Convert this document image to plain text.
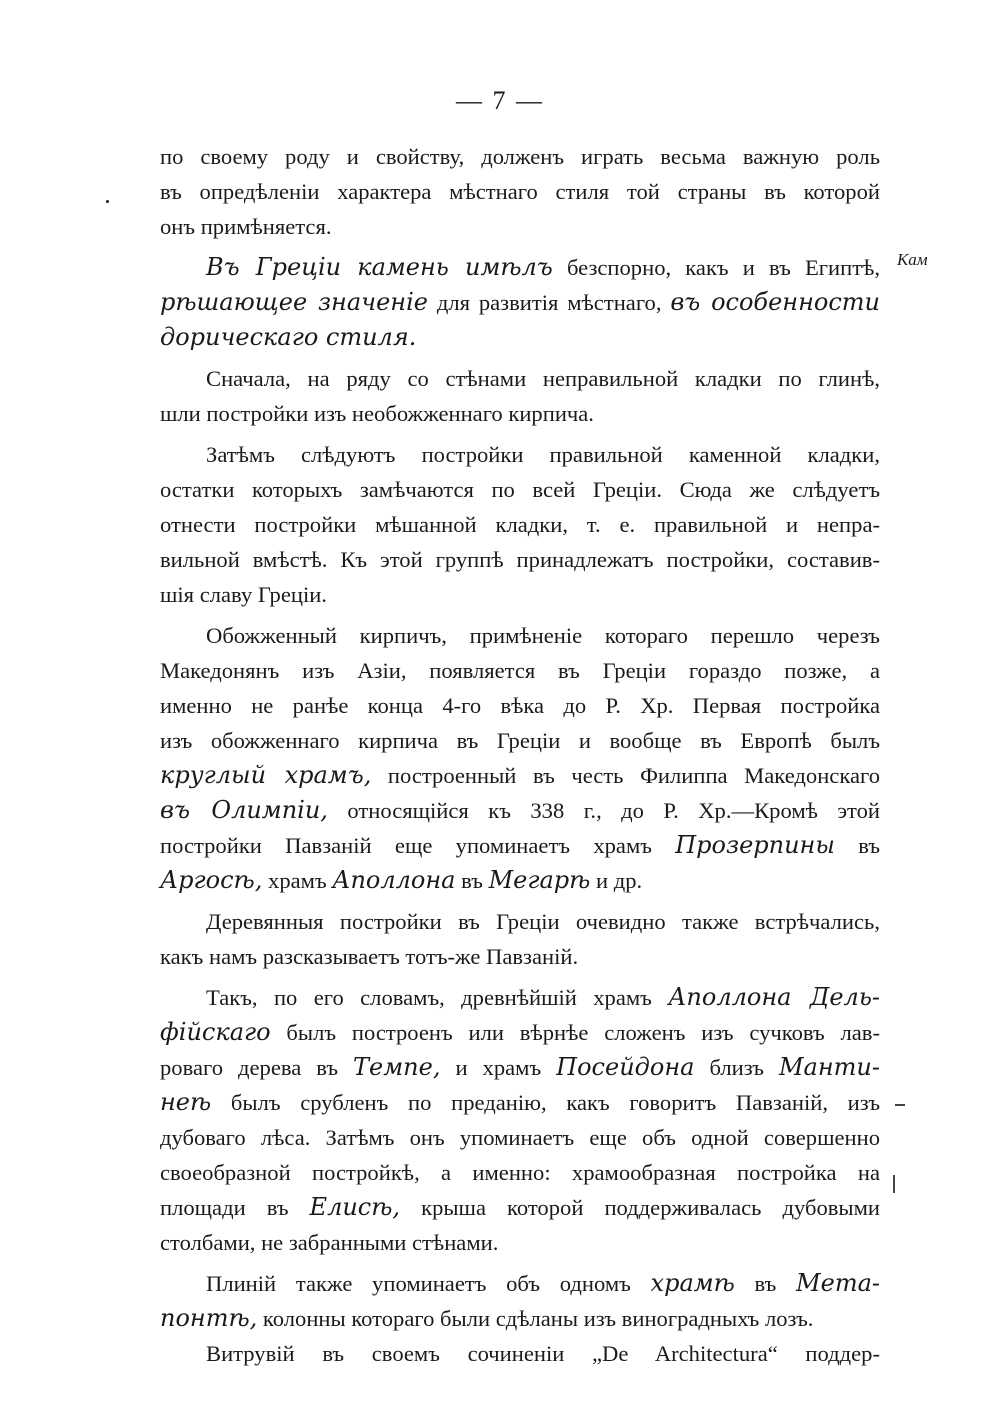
— 7 —
Кам

по своему роду и свойству, долженъ играть весьма важную роль

въ опредѣленіи характера мѣстнаго стиля той страны въ которой

онъ примѣняется.

Въ Греціи камень имѣлъ безспорно, какъ и въ Египтѣ,

рѣшающее значеніе для развитія мѣстнаго, въ особенности

дорическаго стиля.

Сначала, на ряду со стѣнами неправильной кладки по глинѣ,

шли постройки изъ необожженнаго кирпича.

Затѣмъ слѣдуютъ постройки правильной каменной кладки,

остатки которыхъ замѣчаются по всей Греціи. Сюда же слѣдуетъ

отнести постройки мѣшанной кладки, т. е. правильной и непра-

вильной вмѣстѣ. Къ этой группѣ принадлежатъ постройки, составив-

шія славу Греціи.

Обожженный кирпичъ, примѣненіе котораго перешло черезъ

Македонянъ изъ Азіи, появляется въ Греціи гораздо позже, а

именно не ранѣе конца 4-го вѣка до Р. Хр. Первая постройка

изъ обожженнаго кирпича въ Греціи и вообще въ Европѣ былъ

круглый храмъ, построенный въ честь Филиппа Македонскаго

въ Олимпіи, относящійся къ 338 г., до Р. Хр.—Кромѣ этой

постройки Павзаній еще упоминаетъ храмъ Прозерпины въ

Аргосѣ, храмъ Аполлона въ Мегарѣ и др.

Деревянныя постройки въ Греціи очевидно также встрѣчались,

какъ намъ разсказываетъ тотъ-же Павзаній.

Такъ, по его словамъ, древнѣйшій храмъ Аполлона Дель-

фійскаго былъ построенъ или вѣрнѣе сложенъ изъ сучковъ лав-

роваго дерева въ Темпе, и храмъ Посейдона близъ Манти-

неѣ былъ срубленъ по преданію, какъ говоритъ Павзаній, изъ

дубоваго лѣса. Затѣмъ онъ упоминаетъ еще объ одной совершенно

своеобразной постройкѣ, а именно: храмообразная постройка на

площади въ Елисѣ, крыша которой поддерживалась дубовыми

столбами, не забранными стѣнами.

Плиній также упоминаетъ объ одномъ храмѣ въ Мета-

понтѣ, колонны котораго были сдѣланы изъ виноградныхъ лозъ.

Витрувій въ своемъ сочиненіи „De Architectura“ поддер-
